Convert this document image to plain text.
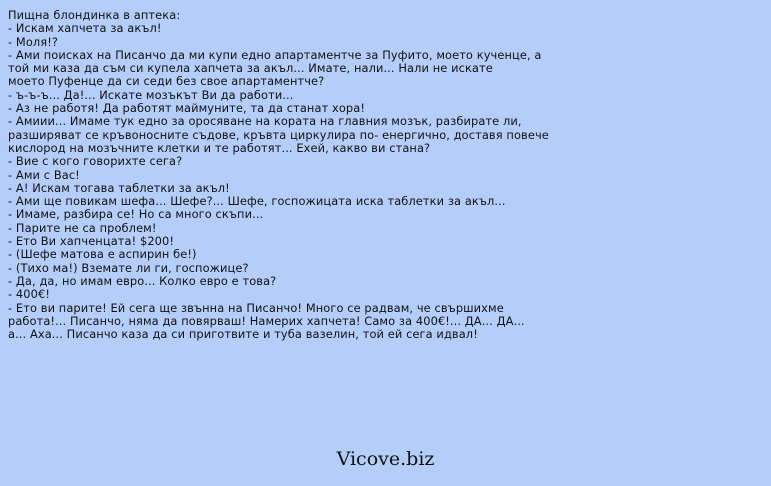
Пищна блондинка в аптека:
- Искам хапчета за акъл!
- Моля!?
- Ами поисках на Писанчо да ми купи едно апартаментче за Пуфито, моето кученце, а
той ми каза да съм си купела хапчета за акъл... Имате, нали... Нали не искате
моето Пуфенце да си седи без свое апартаментче?
- ъ-ъ-ъ... Да!... Искате мозъкът Ви да работи...
- Аз не работя! Да работят маймуните, та да станат хора!
- Амиии... Имаме тук едно за оросяване на кората на главния мозък, разбирате ли,
разширяват се кръвоносните съдове, кръвта циркулира по- енергично, доставя повече
кислород на мозъчните клетки и те работят... Ехей, какво ви стана?
- Вие с кого говорихте сега?
- Ами с Вас!
- А! Искам тогава таблетки за акъл!
- Ами ще повикам шефа... Шефе?... Шефе, госпожицата иска таблетки за акъл...
- Имаме, разбира се! Но са много скъпи...
- Парите не са проблем!
- Ето Ви хапченцата! $200!
- (Шефе матова е аспирин бе!)
- (Тихо ма!) Вземате ли ги, госпожице?
- Да, да, но имам евро... Колко евро е това?
- 400€!
- Ето ви парите! Ей сега ще звънна на Писанчо! Много се радвам, че свършихме
работа!... Писанчо, няма да повярваш! Намерих хапчета! Само за 400€!... ДА... ДА...
а... Аха... Писанчо каза да си приготвите и туба вазелин, той ей сега идвал!
Vicove.biz
